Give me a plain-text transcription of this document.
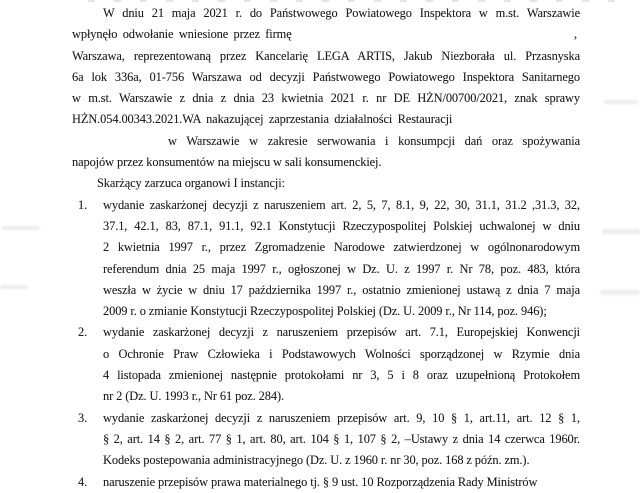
W dniu 21 maja 2021 r. do Państwowego Powiatowego Inspektora w m.st. Warszawie
wpłynęło odwołanie wniesione przez firmę	,
Warszawa, reprezentowaną przez Kancelarię LEGA ARTIS, Jakub Niezborała ul. Przasnyska
6a lok 336a, 01-756 Warszawa od decyzji Państwowego Powiatowego Inspektora Sanitarnego
w m.st. Warszawie z dnia z dnia 23 kwietnia 2021 r. nr DE HŻN/00700/2021, znak sprawy
HŻN.054.00343.2021.WA nakazującej zaprzestania działalności Restauracji
w Warszawie w zakresie serwowania i konsumpcji dań oraz spożywania
napojów przez konsumentów na miejscu w sali konsumenckiej.
Skarżący zarzuca organowi I instancji:
1. wydanie zaskarżonej decyzji z naruszeniem art. 2, 5, 7, 8.1, 9, 22, 30, 31.1, 31.2 ,31.3, 32,
37.1, 42.1, 83, 87.1, 91.1, 92.1 Konstytucji Rzeczypospolitej Polskiej uchwalonej w dniu
2 kwietnia 1997 r., przez Zgromadzenie Narodowe zatwierdzonej w ogólnonarodowym
referendum dnia 25 maja 1997 r., ogłoszonej w Dz. U. z 1997 r. Nr 78, poz. 483, która
weszła w życie w dniu 17 października 1997 r., ostatnio zmienionej ustawą z dnia 7 maja
2009 r. o zmianie Konstytucji Rzeczypospolitej Polskiej (Dz. U. 2009 r., Nr 114, poz. 946);
2. wydanie zaskarżonej decyzji z naruszeniem przepisów art. 7.1, Europejskiej Konwencji
o Ochronie Praw Człowieka i Podstawowych Wolności sporządzonej w Rzymie dnia
4 listopada zmienionej następnie protokołami nr 3, 5 i 8 oraz uzupełnioną Protokołem
nr 2 (Dz. U. 1993 r., Nr 61 poz. 284).
3. wydanie zaskarżonej decyzji z naruszeniem przepisów art. 9, 10 § 1, art.11, art. 12 § 1,
§ 2, art. 14 § 2, art. 77 § 1, art. 80, art. 104 § 1, 107 § 2, –Ustawy z dnia 14 czerwca 1960r.
Kodeks postepowania administracyjnego (Dz. U. z 1960 r. nr 30, poz. 168 z późn. zm.).
4. naruszenie przepisów prawa materialnego tj. § 9 ust. 10 Rozporządzenia Rady Ministrów
